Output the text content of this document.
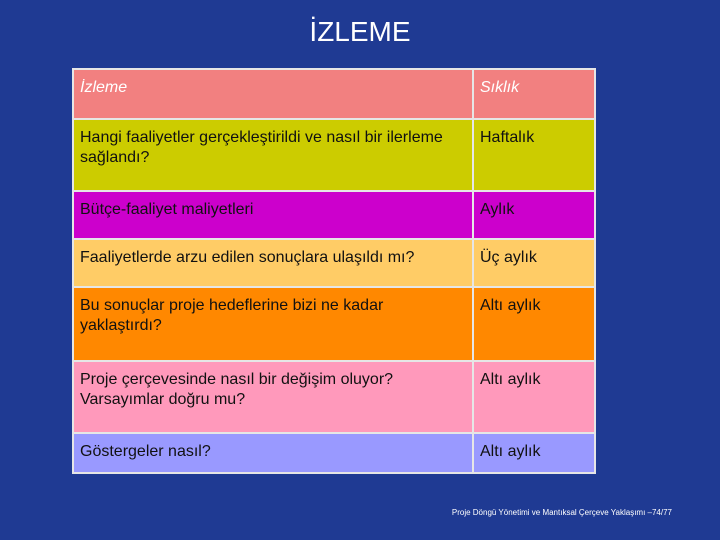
İZLEME
İzleme	Sıklık
Hangi faaliyetler gerçekleştirildi ve nasıl bir ilerleme sağlandı?	Haftalık
Bütçe-faaliyet maliyetleri	Aylık
Faaliyetlerde arzu edilen sonuçlara ulaşıldı mı?	Üç aylık
Bu sonuçlar proje hedeflerine bizi ne kadar yaklaştırdı?	Altı aylık
Proje çerçevesinde nasıl bir değişim oluyor? Varsayımlar doğru mu?	Altı aylık
Göstergeler nasıl?	Altı aylık
Proje Döngü Yönetimi ve Mantıksal Çerçeve Yaklaşımı –74/77
